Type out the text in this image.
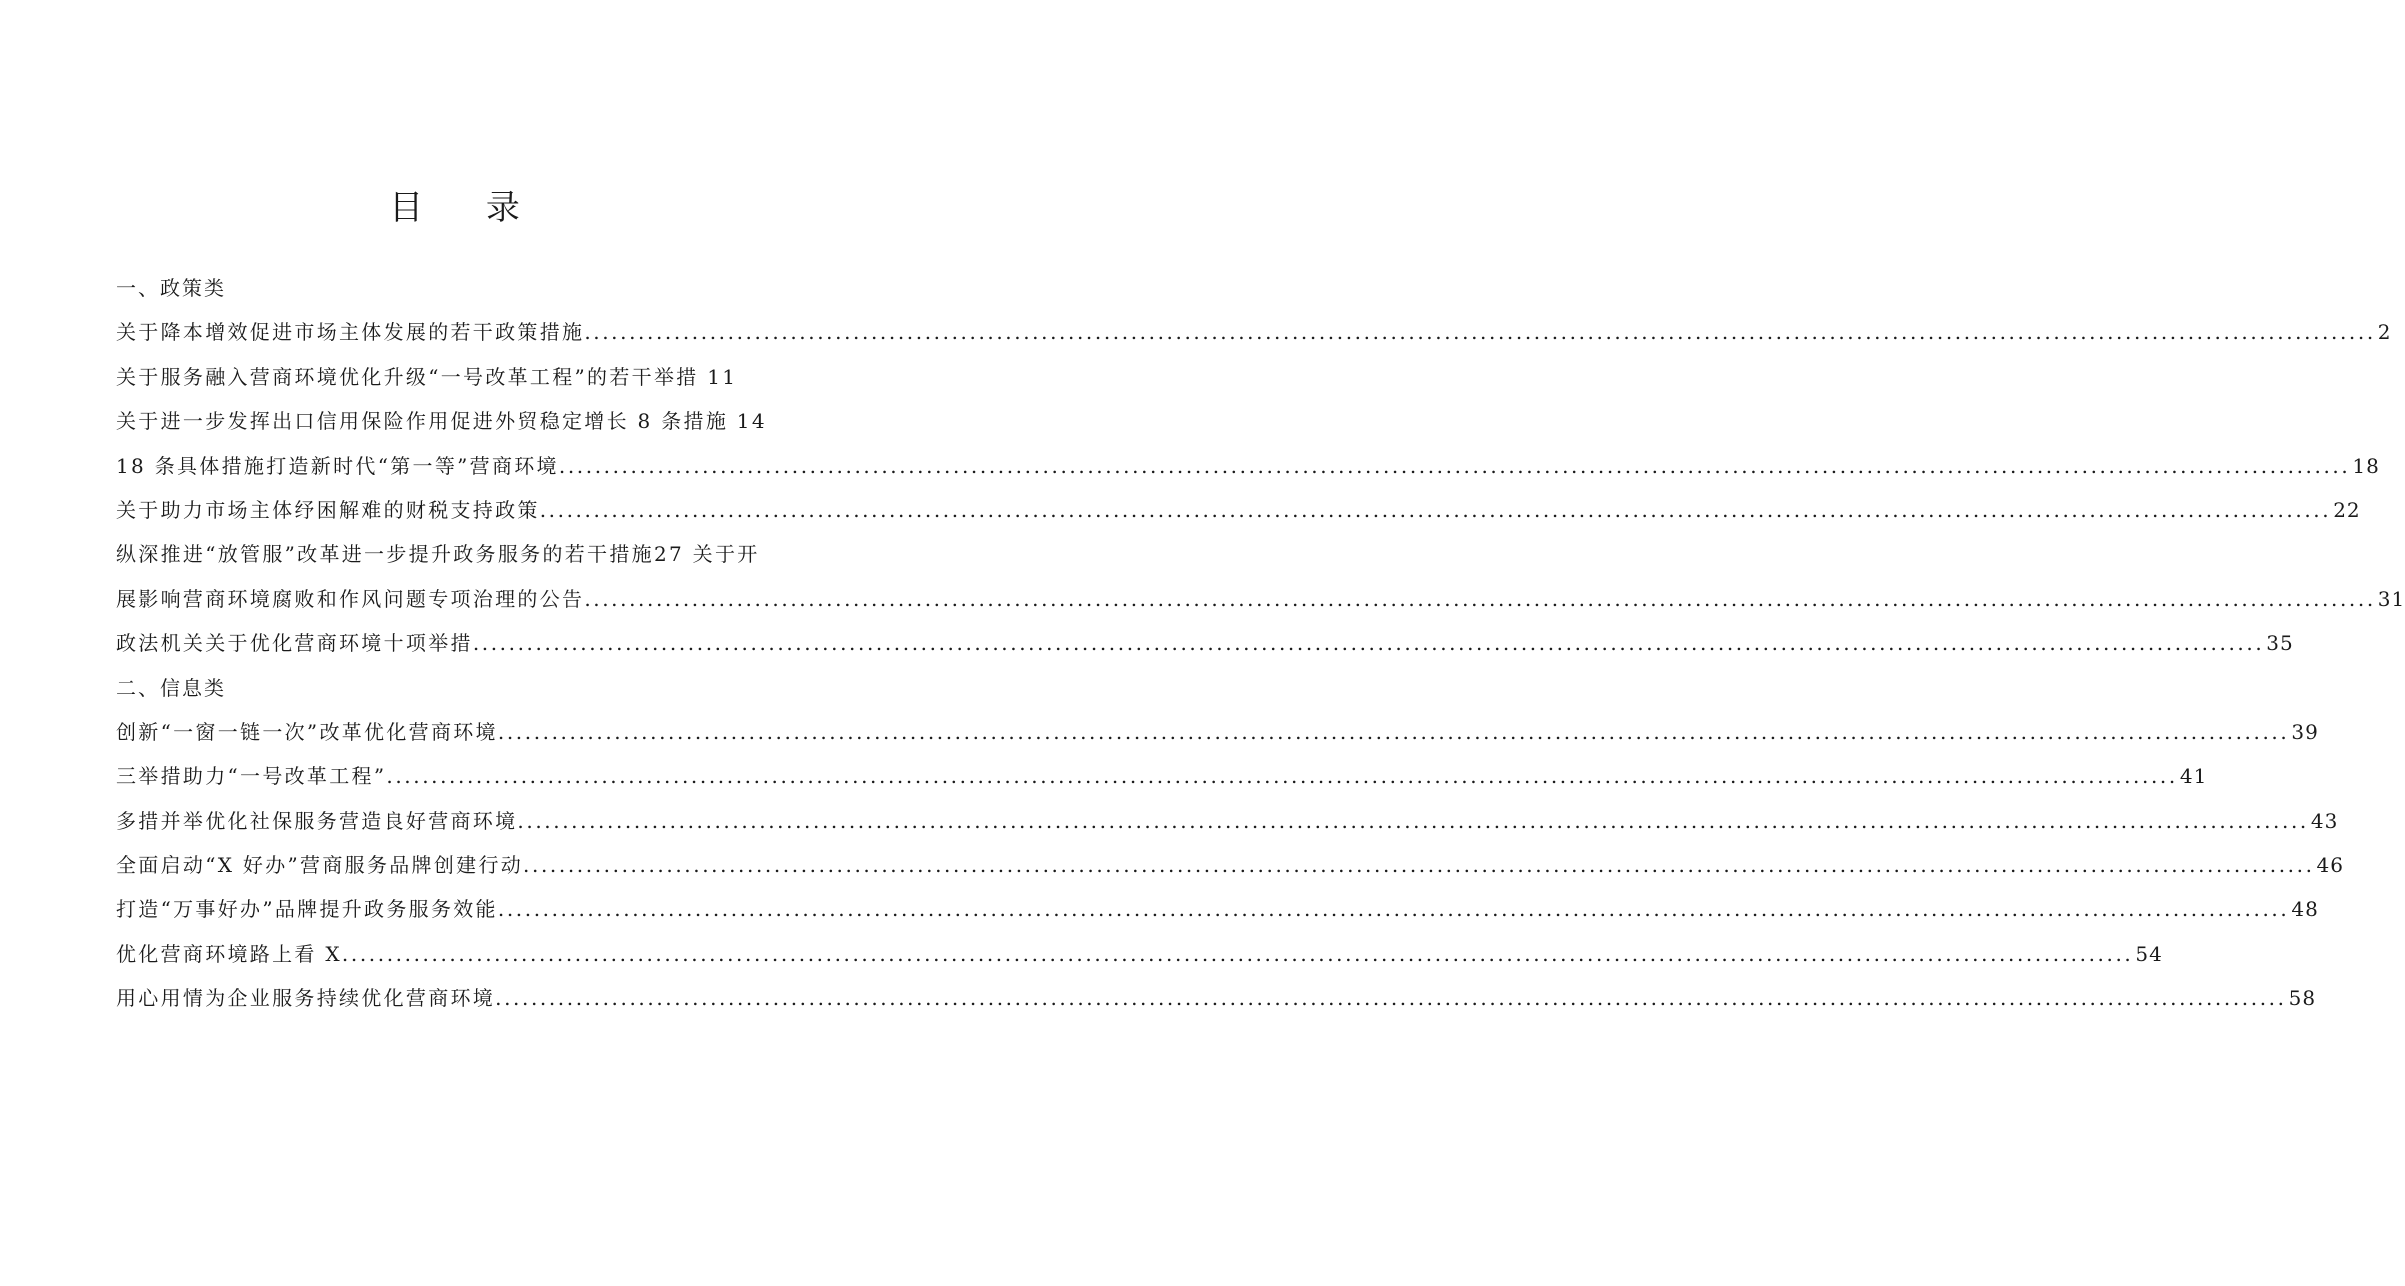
目 录
一、政策类
关于降本增效促进市场主体发展的若干政策措施 ........................................................................................................................................................................................................ 2
关于服务融入营商环境优化升级“一号改革工程”的若干举措 11
关于进一步发挥出口信用保险作用促进外贸稳定增长 8 条措施 14
18 条具体措施打造新时代“第一等”营商环境 ........................................................................................................................................................................................................ 18
关于助力市场主体纾困解难的财税支持政策 ........................................................................................................................................................................................................ 22
纵深推进“放管服”改革进一步提升政务服务的若干措施27 关于开
展影响营商环境腐败和作风问题专项治理的公告 ........................................................................................................................................................................................................ 31
政法机关关于优化营商环境十项举措 ........................................................................................................................................................................................................ 35
二、信息类
创新“一窗一链一次”改革优化营商环境 ........................................................................................................................................................................................................ 39
三举措助力“一号改革工程” ........................................................................................................................................................................................................ 41
多措并举优化社保服务营造良好营商环境 ........................................................................................................................................................................................................ 43
全面启动“X 好办”营商服务品牌创建行动 ........................................................................................................................................................................................................ 46
打造“万事好办”品牌提升政务服务效能 ........................................................................................................................................................................................................ 48
优化营商环境路上看 X ........................................................................................................................................................................................................ 54
用心用情为企业服务持续优化营商环境 ........................................................................................................................................................................................................ 58
